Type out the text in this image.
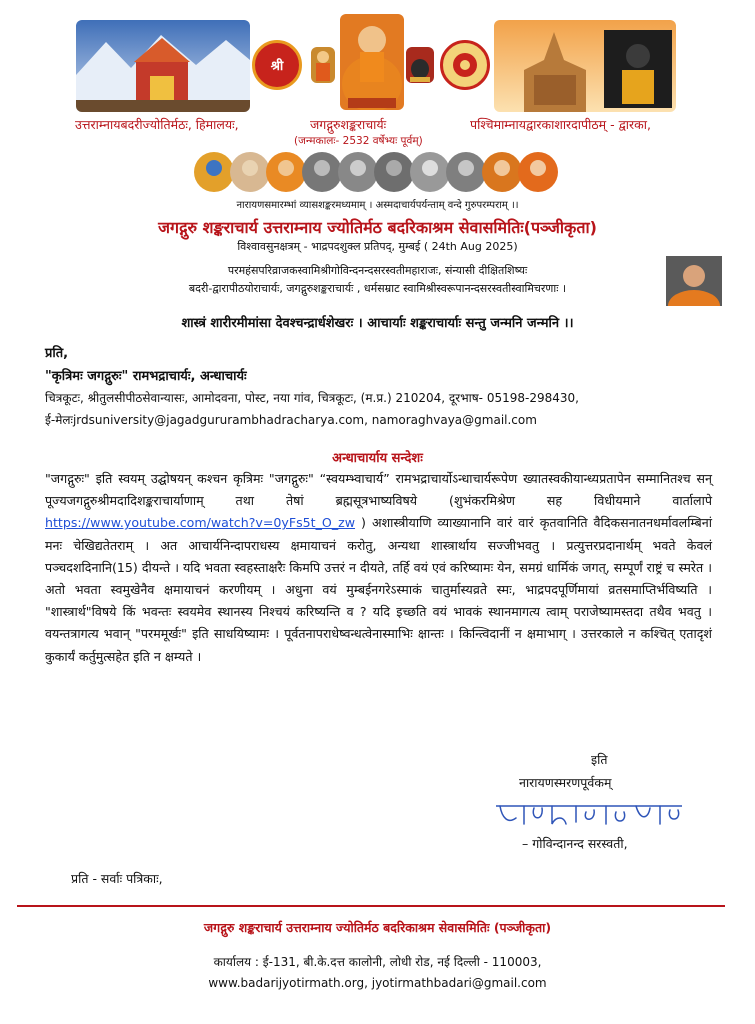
श्री
उत्तराम्नायबदरीज्योतिर्मठः, हिमालयः,	जगद्गुरुशङ्कराचार्यः
(जन्मकालः- 2532 वर्षेभ्यः पूर्वम्)
पश्चिमाम्नायद्वारकाशारदापीठम् - द्वारका,
नारायणसमारम्भां व्यासशङ्करमध्यमाम् । अस्मदाचार्यपर्यन्ताम् वन्दे गुरुपरम्पराम् ।।
जगद्गुरु शङ्कराचार्य उत्तराम्नाय ज्योतिर्मठ बदरिकाश्रम सेवासमितिः(पञ्जीकृता)
विश्वावसुनक्षत्रम् - भाद्रपदशुक्ल प्रतिपद्, मुम्बई ( 24th Aug 2025)
परमहंसपरिव्राजकस्वामिश्रीगोविन्दनन्दसरस्वतीमहाराजः, संन्यासी दीक्षितशिष्यः
बदरी-द्वारापीठयोराचार्यः, जगद्गुरुशङ्कराचार्यः , धर्मसम्राट स्वामिश्रीस्वरूपानन्दसरस्वतीस्वामिचरणाः ।
शास्त्रं शारीरमीमांसा देवश्चन्द्रार्धशेखरः । आचार्याः शङ्कराचार्याः सन्तु जन्मनि जन्मनि ।।
प्रति,
"कृत्रिमः जगद्गुरुः" रामभद्राचार्यः, अन्धाचार्यः
चित्रकूटः, श्रीतुलसीपीठसेवान्यासः, आमोदवना, पोस्ट, नया गांव, चित्रकूटः, (म.प्र.) 210204, दूरभाष- 05198-298430,
ई-मेलःjrdsuniversity@jagadgururambhadracharya.com, namoraghvaya@gmail.com
अन्धाचार्याय सन्देशः
"जगद्गुरुः" इति स्वयम् उद्घोषयन् कश्चन कृत्रिमः "जगद्गुरुः" “स्वयम्भ्वाचार्य” रामभद्राचार्योऽन्धाचार्यरूपेण ख्यातस्वकीयान्ध्यप्रतापेन सम्मानितश्च सन् पूज्यजगद्गुरुश्रीमदादिशङ्कराचार्याणाम् तथा तेषां ब्रह्मसूत्रभाष्यविषये (शुभंकरमिश्रेण सह विधीयमाने वार्तालापे https://www.youtube.com/watch?v=0yFs5t_O_zw ) अशास्त्रीयाणि व्याख्यानानि वारं वारं कृतवानिति वैदिकसनातनधर्मावलम्बिनां मनः चेखिद्यतेतराम् । अत आचार्यनिन्दापराधस्य क्षमायाचनं करोतु, अन्यथा शास्त्रार्थाय सज्जीभवतु । प्रत्युत्तरप्रदानार्थम् भवते केवलं पञ्चदशदिनानि(15) दीयन्ते । यदि भवता स्वहस्ताक्षरैः किमपि उत्तरं न दीयते, तर्हि वयं एवं करिष्यामः येन, समग्रं धार्मिकं जगत्, सम्पूर्णं राष्ट्रं च स्मरेत । अतो भवता स्वमुखेनैव क्षमायाचनं करणीयम् । अधुना वयं मुम्बईनगरेऽस्माकं चातुर्मास्यव्रते स्मः, भाद्रपदपूर्णिमायां व्रतसमाप्तिर्भविष्यति । "शास्त्रार्थ"विषये किं भवन्तः स्वयमेव स्थानस्य निश्चयं करिष्यन्ति व ? यदि इच्छति वयं भावकं स्थानमागत्य त्वाम् पराजेष्यामस्तदा तथैव भवतु । वयन्तत्रागत्य भवान् "परममूर्खः" इति साधयिष्यामः । पूर्वतनापराधेष्वन्धत्वेनास्माभिः क्षान्तः । किन्त्विदानीं न क्षमाभाग् । उत्तरकाले न कश्चित् एतादृशं कुकार्यं कर्तुमुत्सहेत इति न क्षम्यते ।
इति
नारायणस्मरणपूर्वकम्
– गोविन्दानन्द सरस्वती,
प्रति - सर्वाः पत्रिकाः,
जगद्गुरु शङ्कराचार्य उत्तराम्नाय ज्योतिर्मठ बदरिकाश्रम सेवासमितिः (पञ्जीकृता)
कार्यालय : ई-131, बी.के.दत्त कालोनी, लोधी रोड, नई दिल्ली - 110003,
www.badarijyotirmath.org, jyotirmathbadari@gmail.com
